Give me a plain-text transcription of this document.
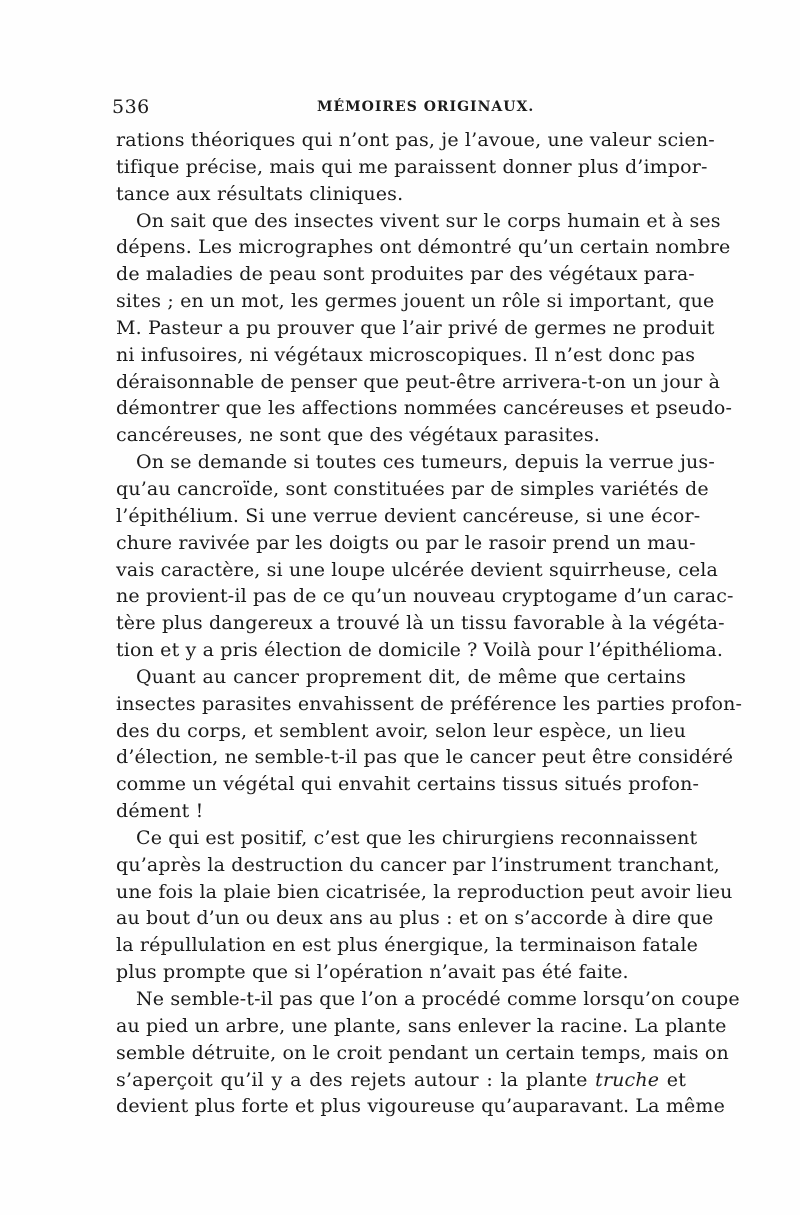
536	MÉMOIRES ORIGINAUX.
rations théoriques qui n’ont pas, je l’avoue, une valeur scien-
tifique précise, mais qui me paraissent donner plus d’impor-
tance aux résultats cliniques.
On sait que des insectes vivent sur le corps humain et à ses
dépens. Les micrographes ont démontré qu’un certain nombre
de maladies de peau sont produites par des végétaux para-
sites ; en un mot, les germes jouent un rôle si important, que
M. Pasteur a pu prouver que l’air privé de germes ne produit
ni infusoires, ni végétaux microscopiques. Il n’est donc pas
déraisonnable de penser que peut-être arrivera-t-on un jour à
démontrer que les affections nommées cancéreuses et pseudo-
cancéreuses, ne sont que des végétaux parasites.
On se demande si toutes ces tumeurs, depuis la verrue jus-
qu’au cancroïde, sont constituées par de simples variétés de
l’épithélium. Si une verrue devient cancéreuse, si une écor-
chure ravivée par les doigts ou par le rasoir prend un mau-
vais caractère, si une loupe ulcérée devient squirrheuse, cela
ne provient-il pas de ce qu’un nouveau cryptogame d’un carac-
tère plus dangereux a trouvé là un tissu favorable à la végéta-
tion et y a pris élection de domicile ? Voilà pour l’épithélioma.
Quant au cancer proprement dit, de même que certains
insectes parasites envahissent de préférence les parties profon-
des du corps, et semblent avoir, selon leur espèce, un lieu
d’élection, ne semble-t-il pas que le cancer peut être considéré
comme un végétal qui envahit certains tissus situés profon-
dément !
Ce qui est positif, c’est que les chirurgiens reconnaissent
qu’après la destruction du cancer par l’instrument tranchant,
une fois la plaie bien cicatrisée, la reproduction peut avoir lieu
au bout d’un ou deux ans au plus : et on s’accorde à dire que
la répullulation en est plus énergique, la terminaison fatale
plus prompte que si l’opération n’avait pas été faite.
Ne semble-t-il pas que l’on a procédé comme lorsqu’on coupe
au pied un arbre, une plante, sans enlever la racine. La plante
semble détruite, on le croit pendant un certain temps, mais on
s’aperçoit qu’il y a des rejets autour : la plante truche et
devient plus forte et plus vigoureuse qu’auparavant. La même
